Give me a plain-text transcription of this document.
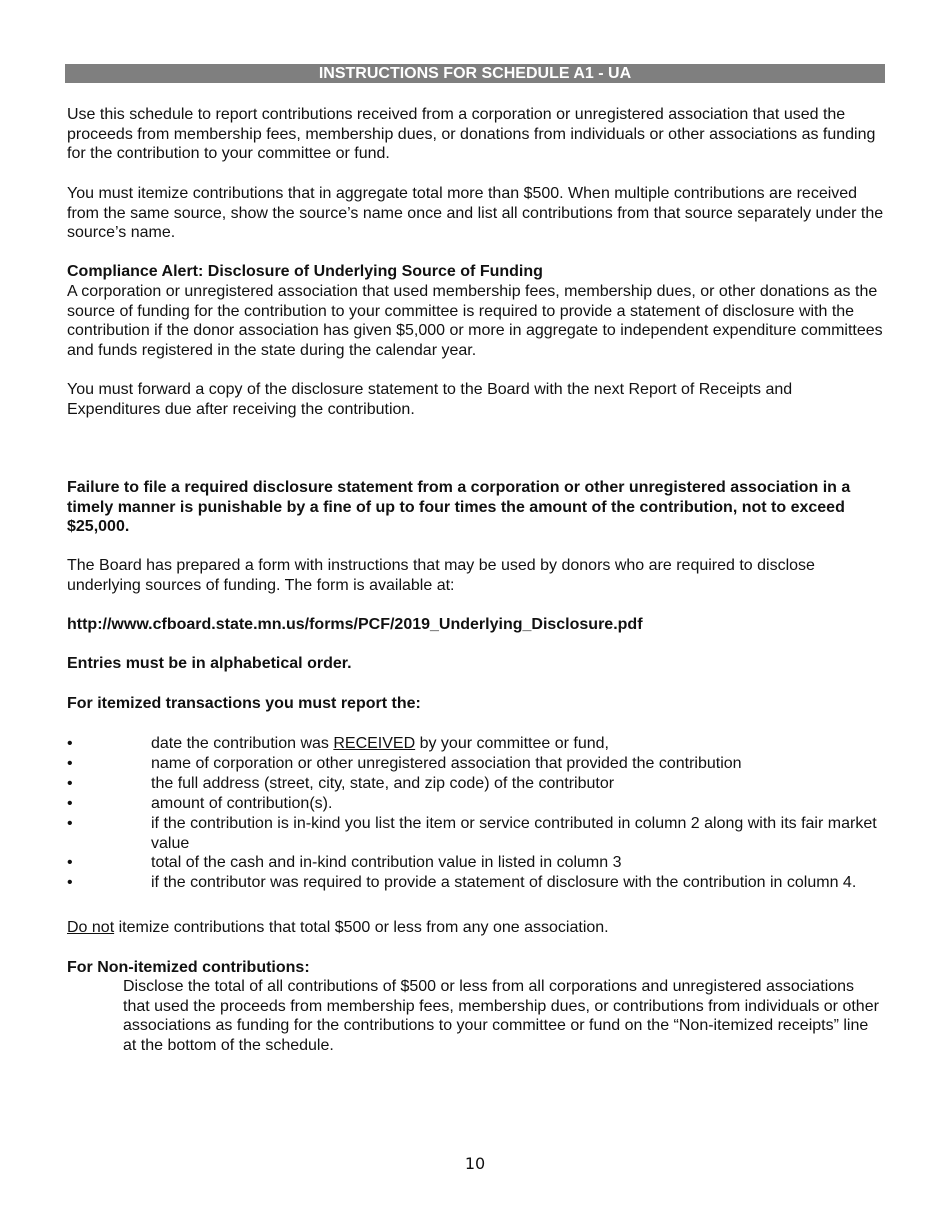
INSTRUCTIONS FOR SCHEDULE A1 - UA

Use this schedule to report contributions received from a corporation or unregistered association that used the proceeds from membership fees, membership dues, or donations from individuals or other associations as funding for the contribution to your committee or fund.

You must itemize contributions that in aggregate total more than $500. When multiple contributions are received from the same source, show the source’s name once and list all contributions from that source separately under the source’s name.

Compliance Alert: Disclosure of Underlying Source of Funding

A corporation or unregistered association that used membership fees, membership dues, or other donations as the source of funding for the contribution to your committee is required to provide a statement of disclosure with the contribution if the donor association has given $5,000 or more in aggregate to independent expenditure committees and funds registered in the state during the calendar year.

You must forward a copy of the disclosure statement to the Board with the next Report of Receipts and Expenditures due after receiving the contribution.

Failure to file a required disclosure statement from a corporation or other unregistered association in a timely manner is punishable by a fine of up to four times the amount of the contribution, not to exceed $25,000.

The Board has prepared a form with instructions that may be used by donors who are required to disclose underlying sources of funding. The form is available at:

http://www.cfboard.state.mn.us/forms/PCF/2019_Underlying_Disclosure.pdf

Entries must be in alphabetical order.

For itemized transactions you must report the:

•	date the contribution was RECEIVED by your committee or fund,
•	name of corporation or other unregistered association that provided the contribution
•	the full address (street, city, state, and zip code) of the contributor
•	amount of contribution(s).
•	if the contribution is in-kind you list the item or service contributed in column 2 along with its fair market value
•	total of the cash and in-kind contribution value in listed in column 3
•	if the contributor was required to provide a statement of disclosure with the contribution in column 4.

Do not itemize contributions that total $500 or less from any one association.

For Non-itemized contributions:

Disclose the total of all contributions of $500 or less from all corporations and unregistered associations that used the proceeds from membership fees, membership dues, or contributions from individuals or other associations as funding for the contributions to your committee or fund on the “Non-itemized receipts” line at the bottom of the schedule.

10
